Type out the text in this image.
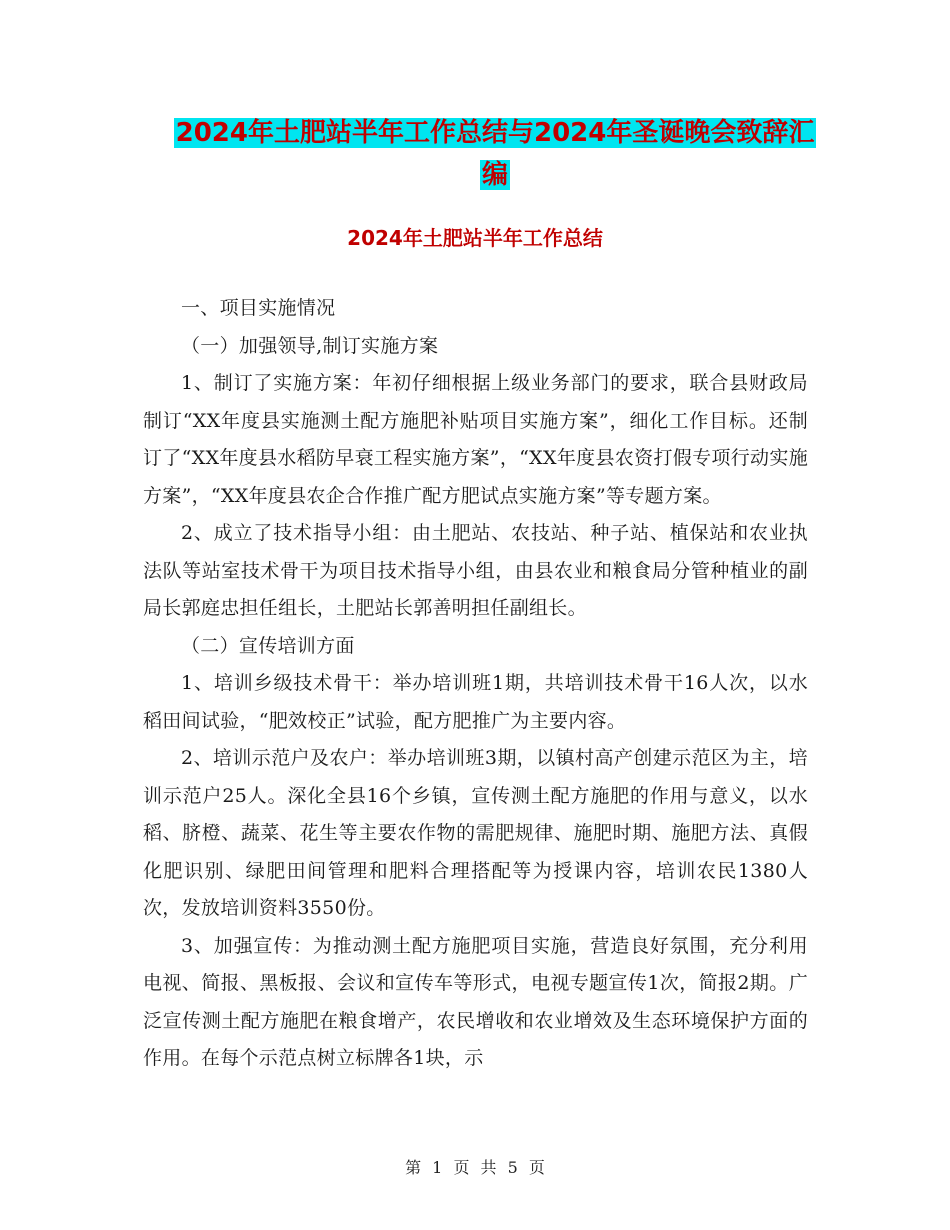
2024年土肥站半年工作总结与2024年圣诞晚会致辞汇
编
2024年土肥站半年工作总结

一、项目实施情况

（一）加强领导,制订实施方案

1、制订了实施方案：年初仔细根据上级业务部门的要求，联合县财政局制订“XX年度县实施测土配方施肥补贴项目实施方案”，细化工作目标。还制订了“XX年度县水稻防早衰工程实施方案”，“XX年度县农资打假专项行动实施方案”，“XX年度县农企合作推广配方肥试点实施方案”等专题方案。

2、成立了技术指导小组：由土肥站、农技站、种子站、植保站和农业执法队等站室技术骨干为项目技术指导小组，由县农业和粮食局分管种植业的副局长郭庭忠担任组长，土肥站长郭善明担任副组长。

（二）宣传培训方面

1、培训乡级技术骨干：举办培训班1期，共培训技术骨干16人次，以水稻田间试验，“肥效校正”试验，配方肥推广为主要内容。

2、培训示范户及农户：举办培训班3期，以镇村高产创建示范区为主，培训示范户25人。深化全县16个乡镇，宣传测土配方施肥的作用与意义，以水稻、脐橙、蔬菜、花生等主要农作物的需肥规律、施肥时期、施肥方法、真假化肥识别、绿肥田间管理和肥料合理搭配等为授课内容，培训农民1380人次，发放培训资料3550份。

3、加强宣传：为推动测土配方施肥项目实施，营造良好氛围，充分利用电视、简报、黑板报、会议和宣传车等形式，电视专题宣传1次，简报2期。广泛宣传测土配方施肥在粮食增产，农民增收和农业增效及生态环境保护方面的作用。在每个示范点树立标牌各1块，示

第 1 页 共 5 页
